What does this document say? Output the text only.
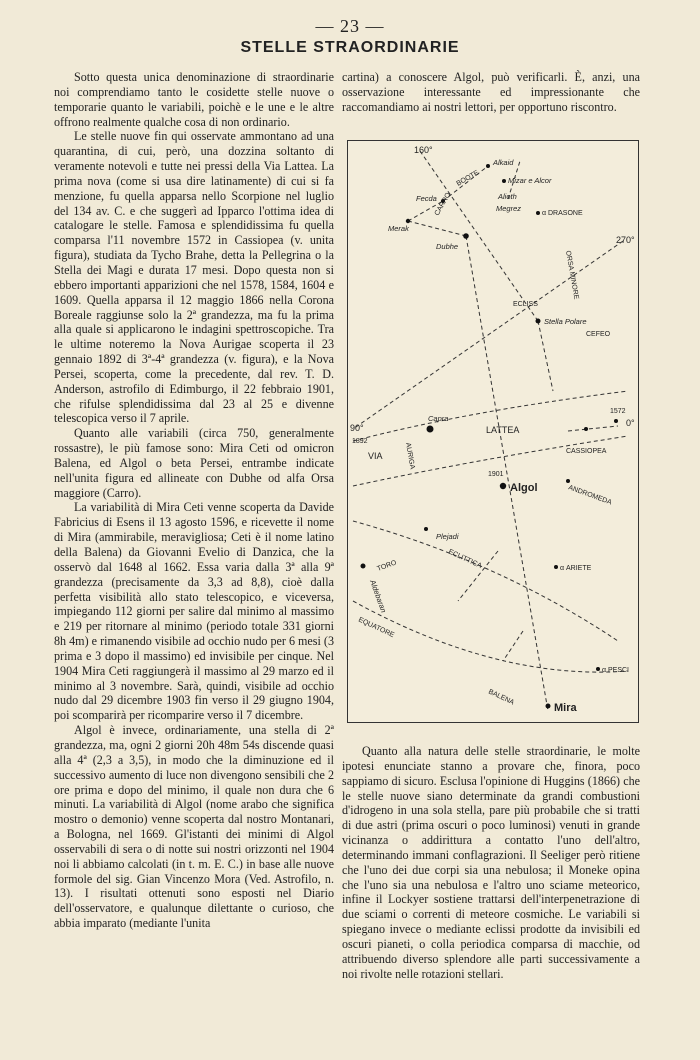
— 23 —
STELLE STRAORDINARIE

Sotto questa unica denominazione di straordinarie noi comprendiamo tanto le cosidette stelle nuove o temporarie quanto le variabili, poichè e le une e le altre offrono realmente qualche cosa di non ordinario.

Le stelle nuove fin qui osservate ammontano ad una quarantina, di cui, però, una dozzina soltanto di veramente notevoli e tutte nei pressi della Via Lattea. La prima nova (come si usa dire latinamente) di cui si fa menzione, fu quella apparsa nello Scorpione nel luglio del 134 av. C. e che suggerì ad Ipparco l'ottima idea di catalogare le stelle. Famosa e splendidissima fu quella comparsa l'11 novembre 1572 in Cassiopea (v. unita figura), studiata da Tycho Brahe, detta la Pellegrina o la Stella dei Magi e durata 17 mesi. Dopo questa non si ebbero importanti apparizioni che nel 1578, 1584, 1604 e 1609. Quella apparsa il 12 maggio 1866 nella Corona Boreale raggiunse solo la 2ª grandezza, ma fu la prima alla quale si applicarono le indagini spettroscopiche. Tra le ultime noteremo la Nova Aurigae scoperta il 23 gennaio 1892 di 3ª-4ª grandezza (v. figura), e la Nova Persei, scoperta, come la precedente, dal rev. T. D. Anderson, astrofilo di Edimburgo, il 22 febbraio 1901, che rifulse splendidissima dal 23 al 25 e divenne telescopica verso il 7 aprile.

Quanto alle variabili (circa 750, generalmente rossastre), le più famose sono: Mira Ceti od omicron Balena, ed Algol o beta Persei, entrambe indicate nell'unita figura ed allineate con Dubhe od alfa Orsa maggiore (Carro).

La variabilità di Mira Ceti venne scoperta da Davide Fabricius di Esens il 13 agosto 1596, e ricevette il nome di Mira (ammirabile, meravigliosa; Ceti è il nome latino della Balena) da Giovanni Evelio di Danzica, che la osservò dal 1648 al 1662. Essa varia dalla 3ª alla 9ª grandezza (precisamente da 3,3 ad 8,8), cioè dalla perfetta visibilità allo stato telescopico, e viceversa, impiegando 112 giorni per salire dal minimo al massimo e 219 per ritornare al minimo (periodo totale 331 giorni 8h 4m) e rimanendo visibile ad occhio nudo per 6 mesi (3 prima e 3 dopo il massimo) ed invisibile per cinque. Nel 1904 Mira Ceti raggiungerà il massimo al 29 marzo ed il minimo al 3 novembre. Sarà, quindi, visibile ad occhio nudo dal 29 dicembre 1903 fin verso il 29 giugno 1904, poi scomparirà per ricomparire verso il 7 dicembre.

Algol è invece, ordinariamente, una stella di 2ª grandezza, ma, ogni 2 giorni 20h 48m 54s discende quasi alla 4ª (2,3 a 3,5), in modo che la diminuzione ed il successivo aumento di luce non divengono sensibili che 2 ore prima e dopo del minimo, il quale non dura che 6 minuti. La variabilità di Algol (nome arabo che significa mostro o demonio) venne scoperta dal nostro Montanari, a Bologna, nel 1669. Gl'istanti dei minimi di Algol osservabili di sera o di notte sui nostri orizzonti nel 1904 noi li abbiamo calcolati (in t. m. E. C.) in base alle nuove formole del sig. Gian Vincenzo Mora (Ved. Astrofilo, n. 13). I risultati ottenuti sono esposti nel Diario dell'osservatore, e qualunque dilettante o curioso, che abbia imparato (mediante l'unita

cartina) a conoscere Algol, può verificarli. È, anzi, una osservazione interessante ed impressionante che raccomandiamo ai nostri lettori, per opportuno riscontro.

160°
270°
90°	0°
BOOTE
Alkaid
Mizar e Alcor
Fecda	Alioth
Megrez
α DRASONE
Merak
Dubhe
CARRO
ORSA MINORE
ECLISS
Stella Polare
CEFEO
1572
Capra
1892
LATTEA
VIA	AURIGA	CASSIOPEA
1901
Algol	ANDROMEDA
Plejadi
TORO
Aldebaran
α ARIETE
ECLITTICA
EQUATORE
α PESCI
BALENA
Mira

Quanto alla natura delle stelle straordinarie, le molte ipotesi enunciate stanno a provare che, finora, poco sappiamo di sicuro. Esclusa l'opinione di Huggins (1866) che le stelle nuove siano determinate da grandi combustioni d'idrogeno in una sola stella, pare più probabile che si tratti di due astri (prima oscuri o poco luminosi) venuti in grande vicinanza o addirittura a contatto l'uno dell'altro, determinando immani conflagrazioni. Il Seeliger però ritiene che l'uno dei due corpi sia una nebulosa; il Moneke opina che l'uno sia una nebulosa e l'altro uno sciame meteorico, infine il Lockyer sostiene trattarsi dell'interpenetrazione di due sciami o correnti di meteore cosmiche. Le variabili si spiegano invece o mediante eclissi prodotte da invisibili ed oscuri pianeti, o colla periodica comparsa di macchie, od attribuendo diverso splendore alle parti successivamente a noi rivolte nelle rotazioni stellari.
